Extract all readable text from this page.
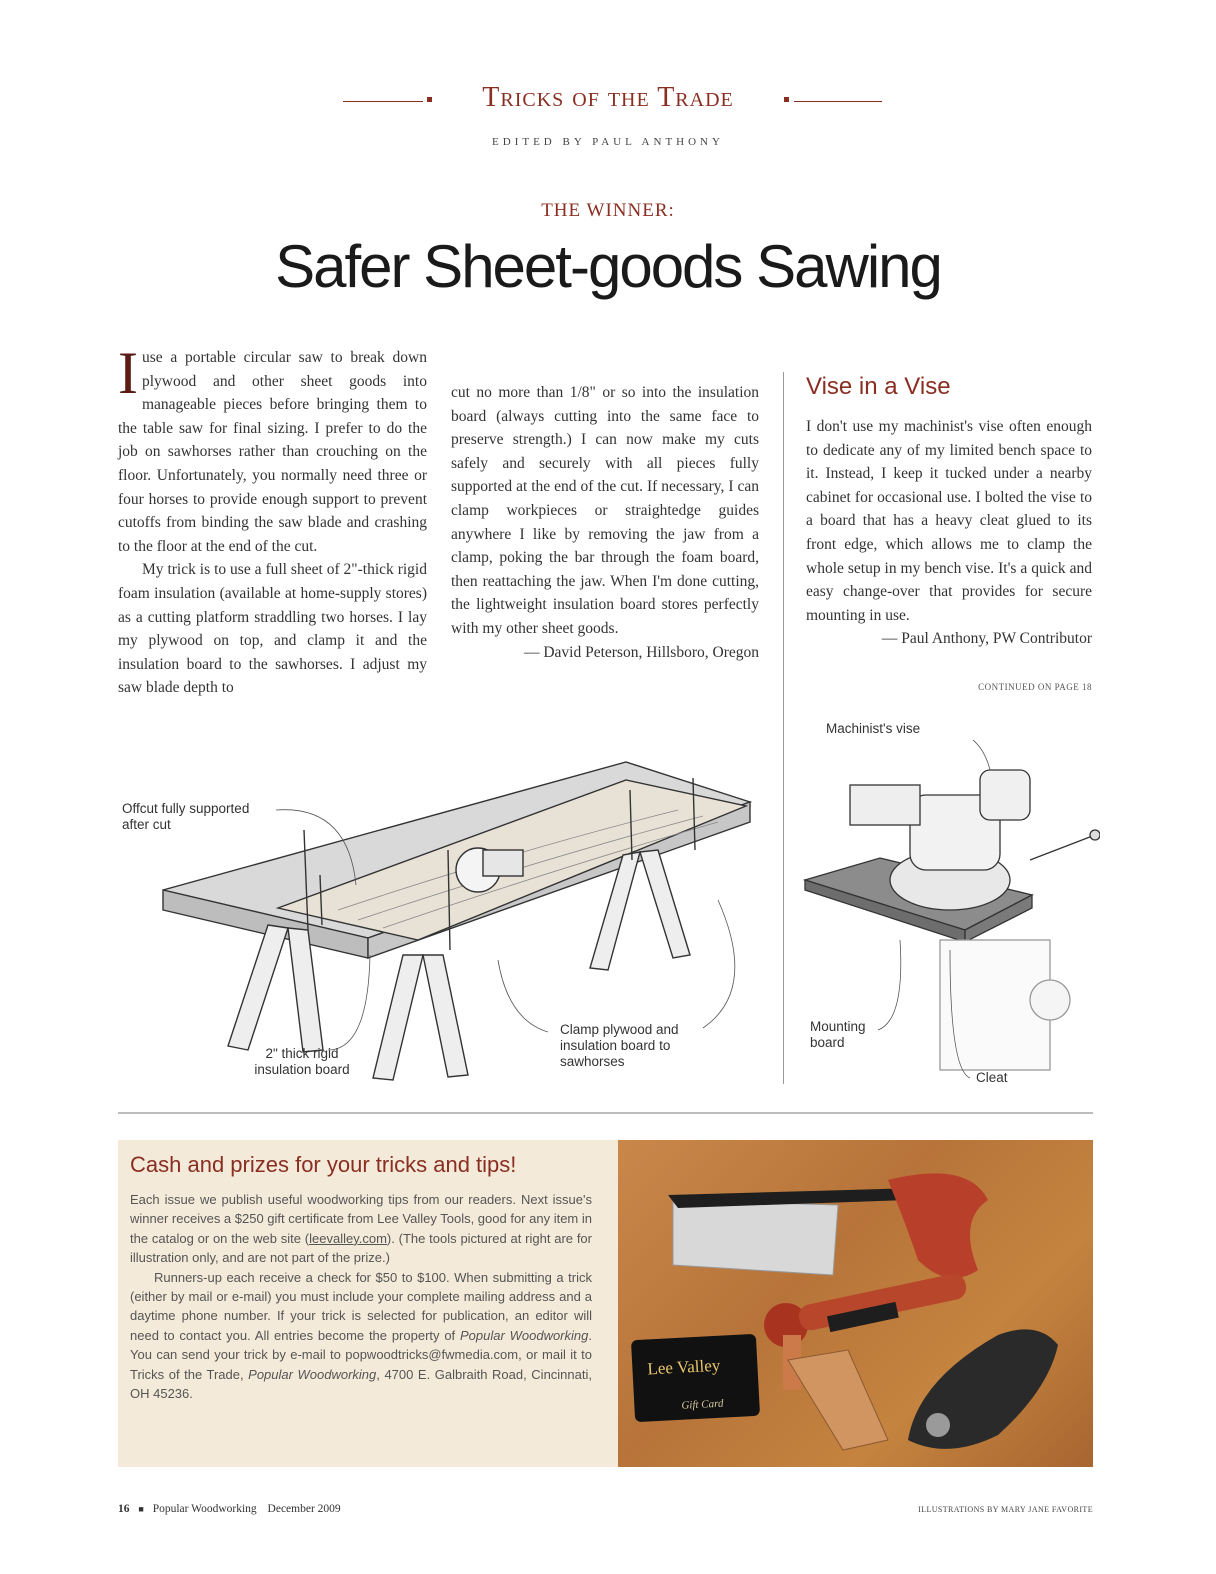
Tricks of the Trade
EDITED BY PAUL ANTHONY
THE WINNER:
Safer Sheet-goods Sawing

Iuse a portable circular saw to break down plywood and other sheet goods into manageable pieces before bringing them to the table saw for final sizing. I prefer to do the job on sawhorses rather than crouching on the floor. Unfortunately, you normally need three or four horses to provide enough support to prevent cutoffs from binding the saw blade and crashing to the floor at the end of the cut.

My trick is to use a full sheet of 2"-thick rigid foam insulation (available at home-supply stores) as a cutting platform straddling two horses. I lay my plywood on top, and clamp it and the insulation board to the sawhorses. I adjust my saw blade depth to

cut no more than 1/8" or so into the insulation board (always cutting into the same face to preserve strength.) I can now make my cuts safely and securely with all pieces fully supported at the end of the cut. If necessary, I can clamp workpieces or straightedge guides anywhere I like by removing the jaw from a clamp, poking the bar through the foam board, then reattaching the jaw. When I'm done cutting, the lightweight insulation board stores perfectly with my other sheet goods.

— David Peterson, Hillsboro, Oregon

Vise in a Vise

I don't use my machinist's vise often enough to dedicate any of my limited bench space to it. Instead, I keep it tucked under a nearby cabinet for occasional use. I bolted the vise to a board that has a heavy cleat glued to its front edge, which allows me to clamp the whole setup in my bench vise. It's a quick and easy change-over that provides for secure mounting in use.

— Paul Anthony, PW Contributor

CONTINUED ON PAGE 18
Offcut fully supported after cut
2" thick rigid insulation board
Clamp plywood and insulation board to sawhorses
Machinist's vise
Mounting board
Cleat
Cash and prizes for your tricks and tips!

Each issue we publish useful woodworking tips from our readers. Next issue's winner receives a $250 gift certificate from Lee Valley Tools, good for any item in the catalog or on the web site (leevalley.com). (The tools pictured at right are for illustration only, and are not part of the prize.)

Runners-up each receive a check for $50 to $100. When submitting a trick (either by mail or e-mail) you must include your complete mailing address and a daytime phone number. If your trick is selected for publication, an editor will need to contact you. All entries become the property of Popular Woodworking. You can send your trick by e-mail to popwoodtricks@fwmedia.com, or mail it to Tricks of the Trade, Popular Woodworking, 4700 E. Galbraith Road, Cincinnati, OH 45236.

Lee Valley
Gift Card
16 ■ Popular Woodworking December 2009	ILLUSTRATIONS BY MARY JANE FAVORITE
